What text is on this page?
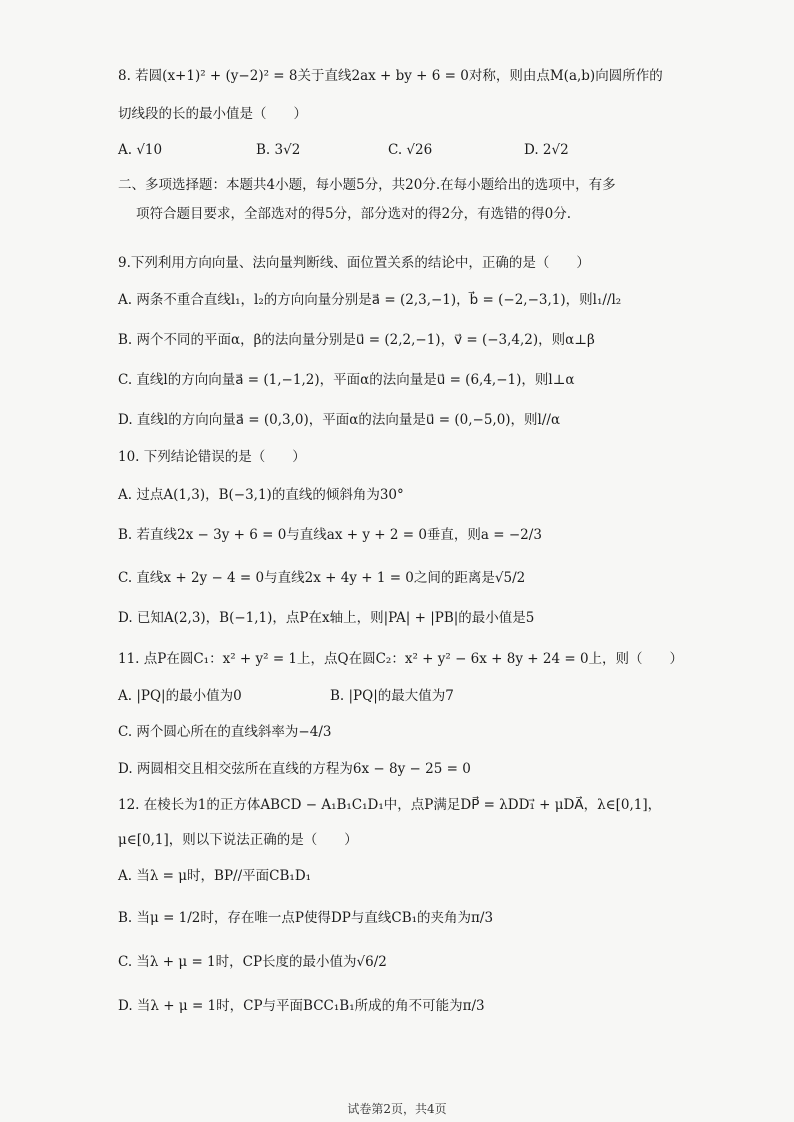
8. 若圆(x+1)² + (y−2)² = 8关于直线2ax + by + 6 = 0对称，则由点M(a,b)向圆所作的
切线段的长的最小值是（　　）
A. √10	B. 3√2	C. √26	D. 2√2
二、多项选择题：本题共4小题，每小题5分，共20分.在每小题给出的选项中，有多
项符合题目要求，全部选对的得5分，部分选对的得2分，有选错的得0分.
9.下列利用方向向量、法向量判断线、面位置关系的结论中，正确的是（　　）
A. 两条不重合直线l₁，l₂的方向向量分别是a⃗ = (2,3,−1)，b⃗ = (−2,−3,1)，则l₁//l₂
B. 两个不同的平面α，β的法向量分别是u⃗ = (2,2,−1)，v⃗ = (−3,4,2)，则α⊥β
C. 直线l的方向向量a⃗ = (1,−1,2)，平面α的法向量是u⃗ = (6,4,−1)，则l⊥α
D. 直线l的方向向量a⃗ = (0,3,0)，平面α的法向量是u⃗ = (0,−5,0)，则l//α
10. 下列结论错误的是（　　）
A. 过点A(1,3)，B(−3,1)的直线的倾斜角为30°
B. 若直线2x − 3y + 6 = 0与直线ax + y + 2 = 0垂直，则a = −2/3
C. 直线x + 2y − 4 = 0与直线2x + 4y + 1 = 0之间的距离是√5/2
D. 已知A(2,3)，B(−1,1)，点P在x轴上，则|PA| + |PB|的最小值是5
11. 点P在圆C₁：x² + y² = 1上，点Q在圆C₂：x² + y² − 6x + 8y + 24 = 0上，则（　　）
A. |PQ|的最小值为0	B. |PQ|的最大值为7
C. 两个圆心所在的直线斜率为−4/3
D. 两圆相交且相交弦所在直线的方程为6x − 8y − 25 = 0
12. 在棱长为1的正方体ABCD − A₁B₁C₁D₁中，点P满足DP⃗ = λDD₁⃗ + μDA⃗，λ∈[0,1]，
μ∈[0,1]，则以下说法正确的是（　　）
A. 当λ = μ时，BP//平面CB₁D₁
B. 当μ = 1/2时，存在唯一点P使得DP与直线CB₁的夹角为π/3
C. 当λ + μ = 1时，CP长度的最小值为√6/2
D. 当λ + μ = 1时，CP与平面BCC₁B₁所成的角不可能为π/3
试卷第2页，共4页
